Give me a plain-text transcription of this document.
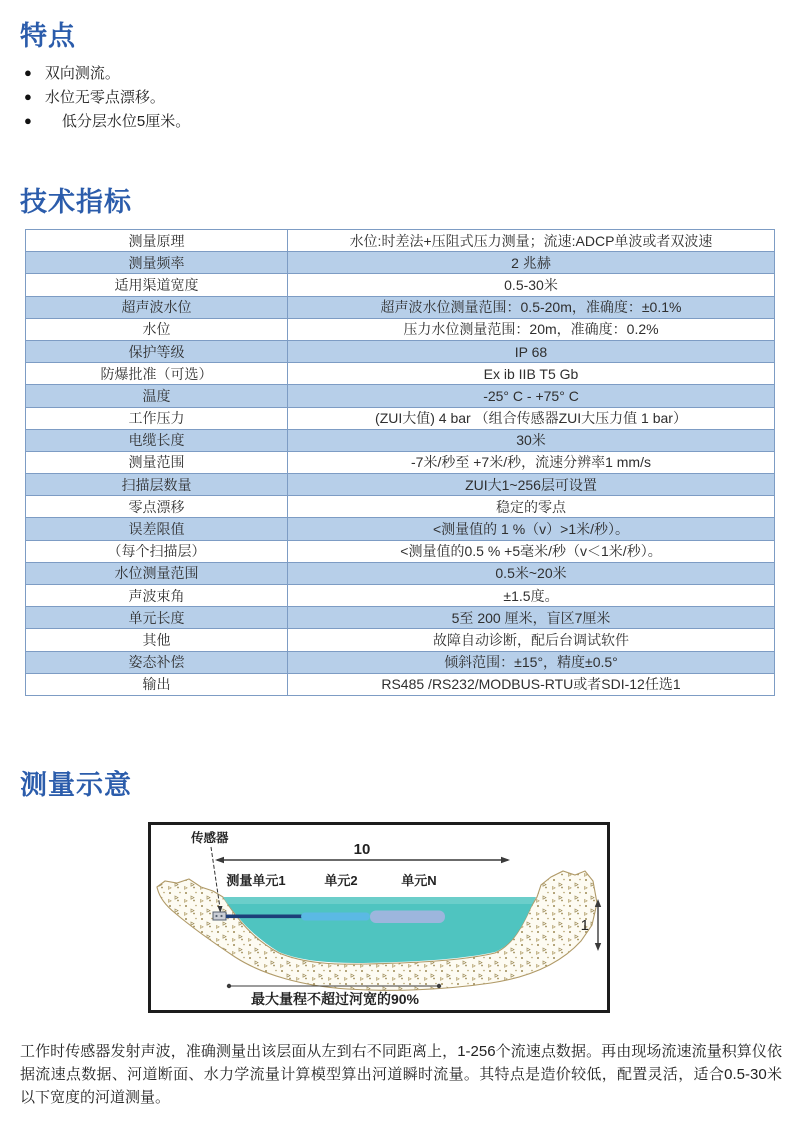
特点
● 双向测流。
● 水位无零点漂移。
● 低分层水位5厘米。
技术指标
测量原理	水位:时差法+压阻式压力测量；流速:ADCP单波或者双波速
测量频率	2 兆赫
适用渠道宽度	0.5-30米
超声波水位	超声波水位测量范围：0.5-20m，准确度：±0.1%
水位	压力水位测量范围：20m，准确度：0.2%
保护等级	IP 68
防爆批准（可选）	Ex ib IIB T5 Gb
温度	-25° C - +75° C
工作压力	(ZUI大值) 4 bar （组合传感器ZUI大压力值 1 bar）
电缆长度	30米
测量范围	-7米/秒至 +7米/秒，流速分辨率1 mm/s
扫描层数量	ZUI大1~256层可设置
零点漂移	稳定的零点
误差限值	<测量值的 1 %（v）>1米/秒）。
（每个扫描层）	<测量值的0.5 % +5毫米/秒（v＜1米/秒）。
水位测量范围	0.5米~20米
声波束角	±1.5度。
单元长度	5至 200 厘米，盲区7厘米
其他	故障自动诊断，配后台调试软件
姿态补偿	倾斜范围：±15°，精度±0.5°
输出	RS485 /RS232/MODBUS-RTU或者SDI-12任选1
测量示意
10
传感器
测量单元1	单元2	单元N
1
最大量程不超过河宽的90%

工作时传感器发射声波，准确测量出该层面从左到右不同距离上，1-256个流速点数据。再由现场流速流量积算仪依据流速点数据、河道断面、水力学流量计算模型算出河道瞬时流量。其特点是造价较低，配置灵活，适合0.5-30米以下宽度的河道测量。
